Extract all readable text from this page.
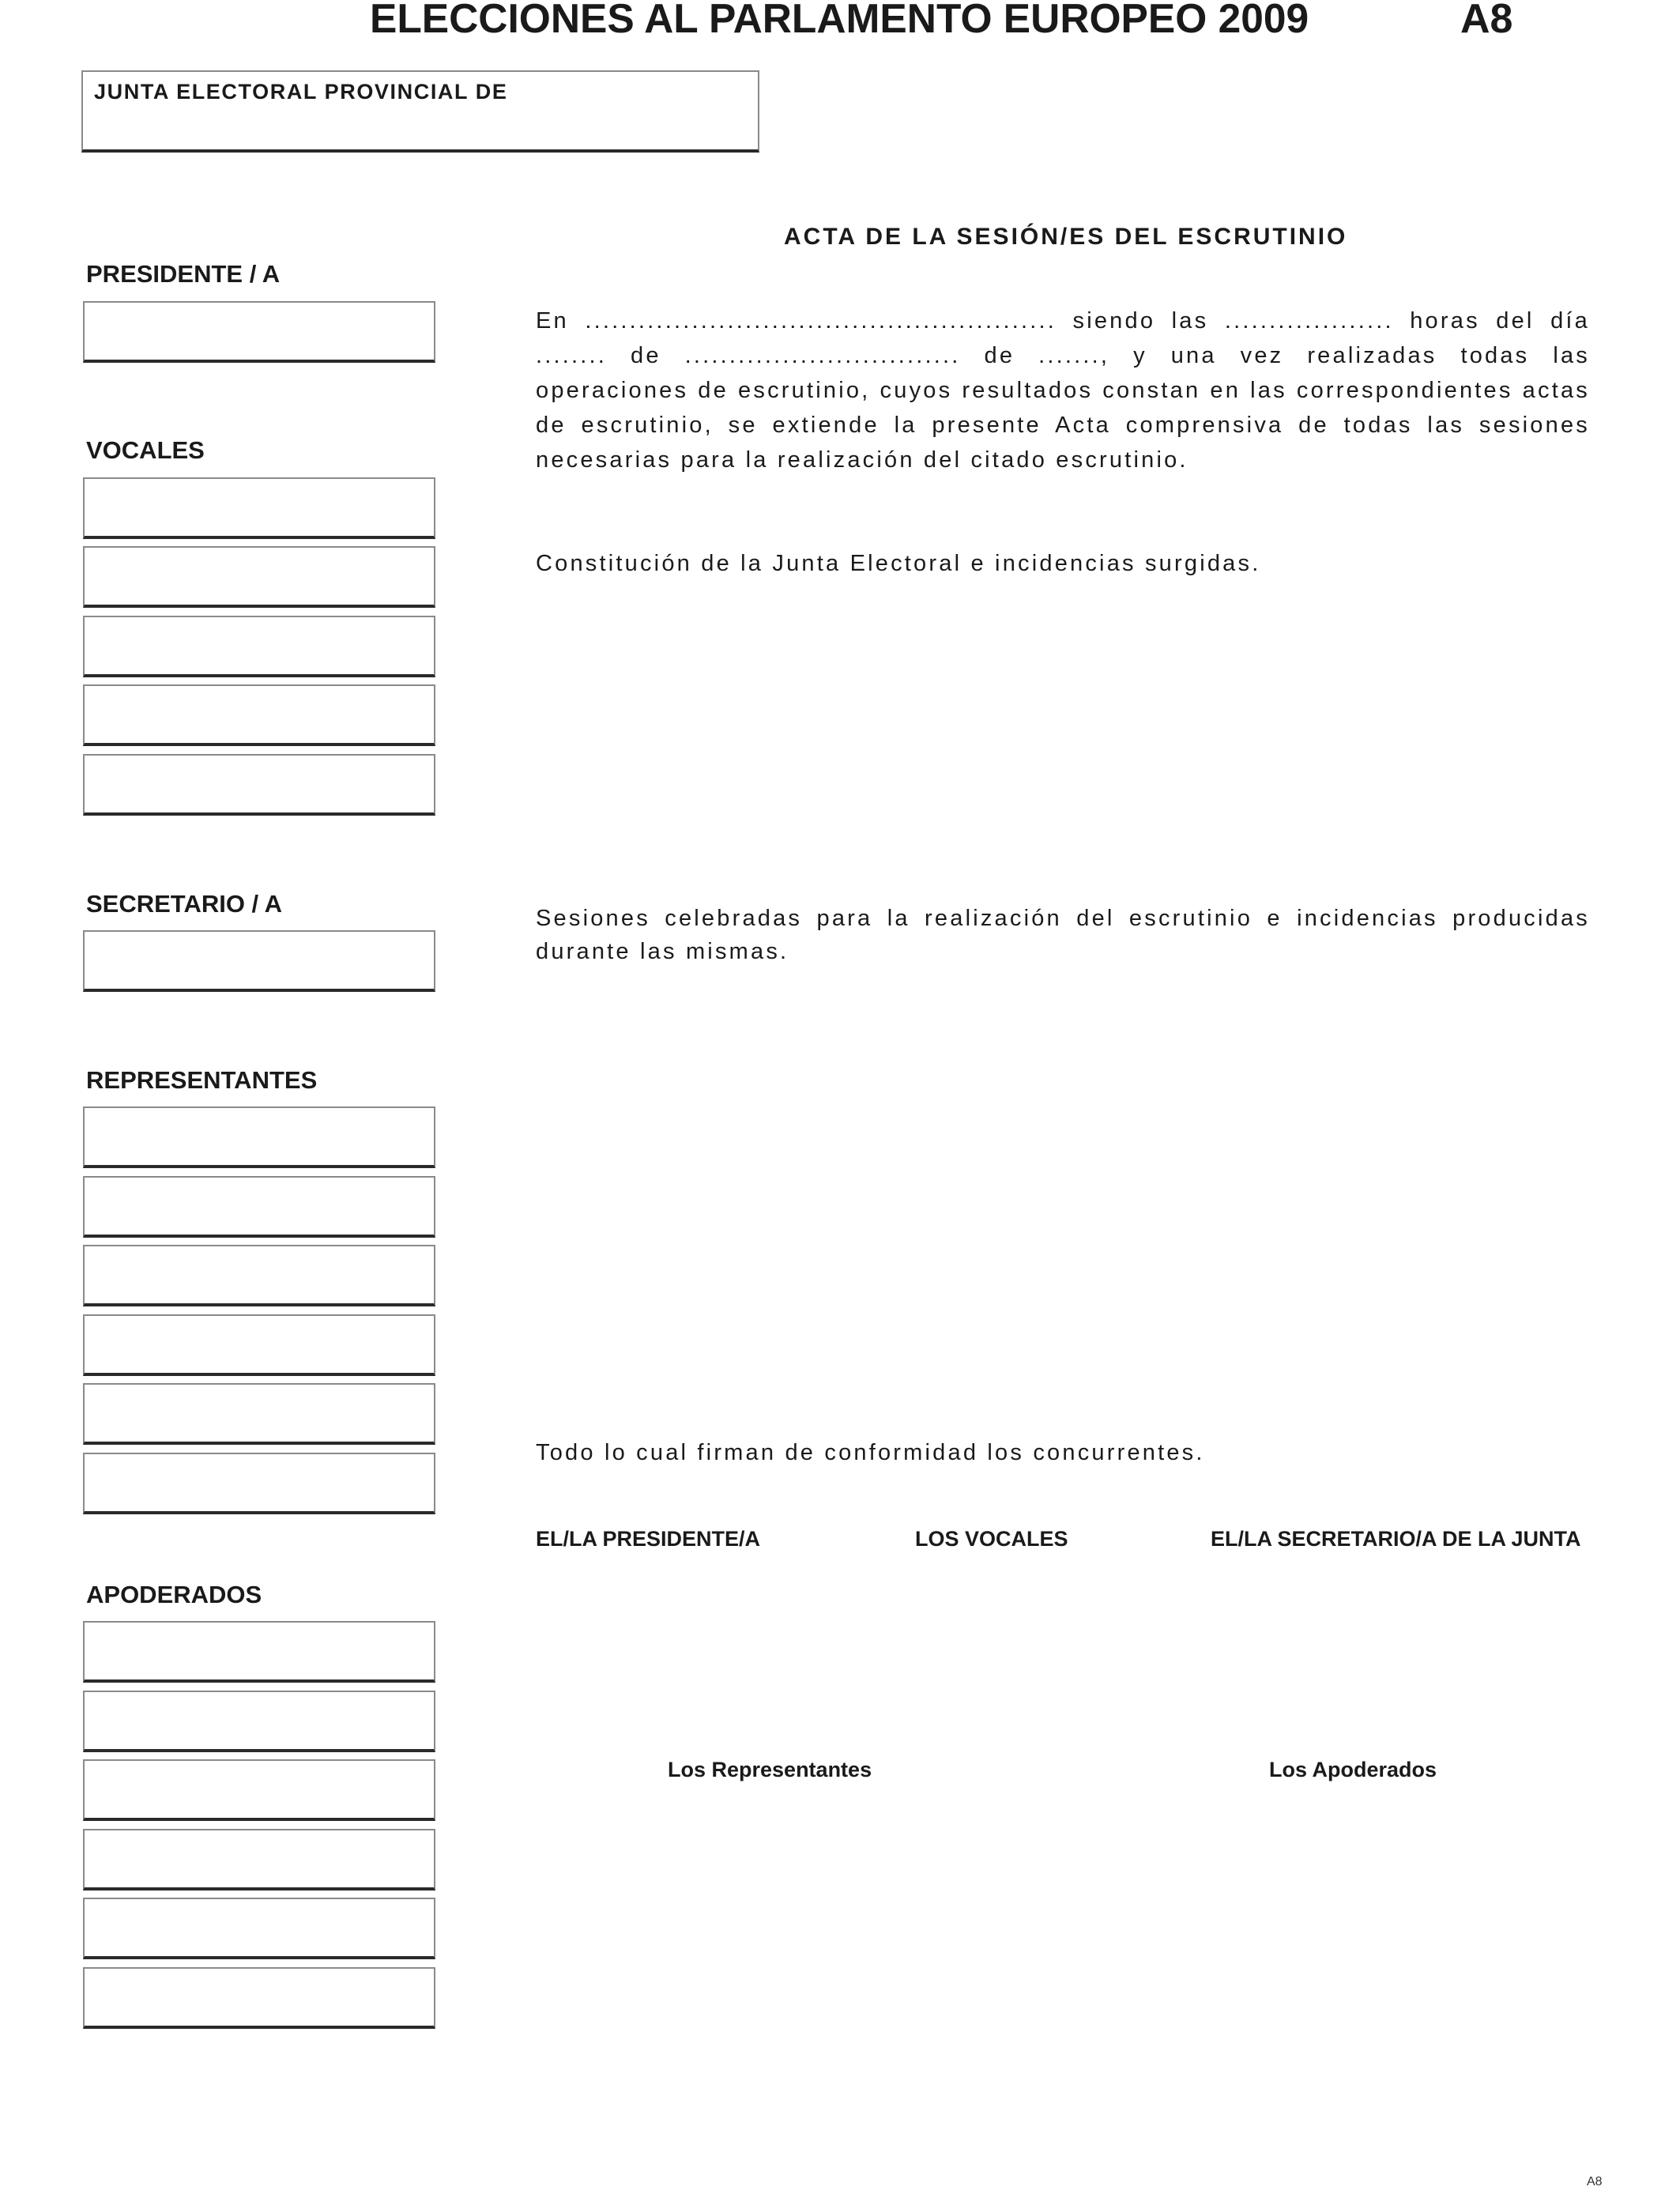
ELECCIONES AL PARLAMENTO EUROPEO 2009	A8
JUNTA ELECTORAL PROVINCIAL DE
PRESIDENTE / A
VOCALES
SECRETARIO / A
REPRESENTANTES
APODERADOS
ACTA DE LA SESIÓN/ES DEL ESCRUTINIO
En ..................................................... siendo las ................... horas del día ........ de ............................... de ......., y una vez realizadas todas las operaciones de escrutinio, cuyos resultados constan en las correspondientes actas de escrutinio, se extiende la presente Acta comprensiva de todas las sesiones necesarias para la realización del citado escrutinio.
Constitución de la Junta Electoral e incidencias surgidas.
Sesiones celebradas para la realización del escrutinio e incidencias producidas durante las mismas.
Todo lo cual firman de conformidad los concurrentes.
EL/LA PRESIDENTE/A	LOS VOCALES	EL/LA SECRETARIO/A DE LA JUNTA
Los Representantes	Los Apoderados
A8
